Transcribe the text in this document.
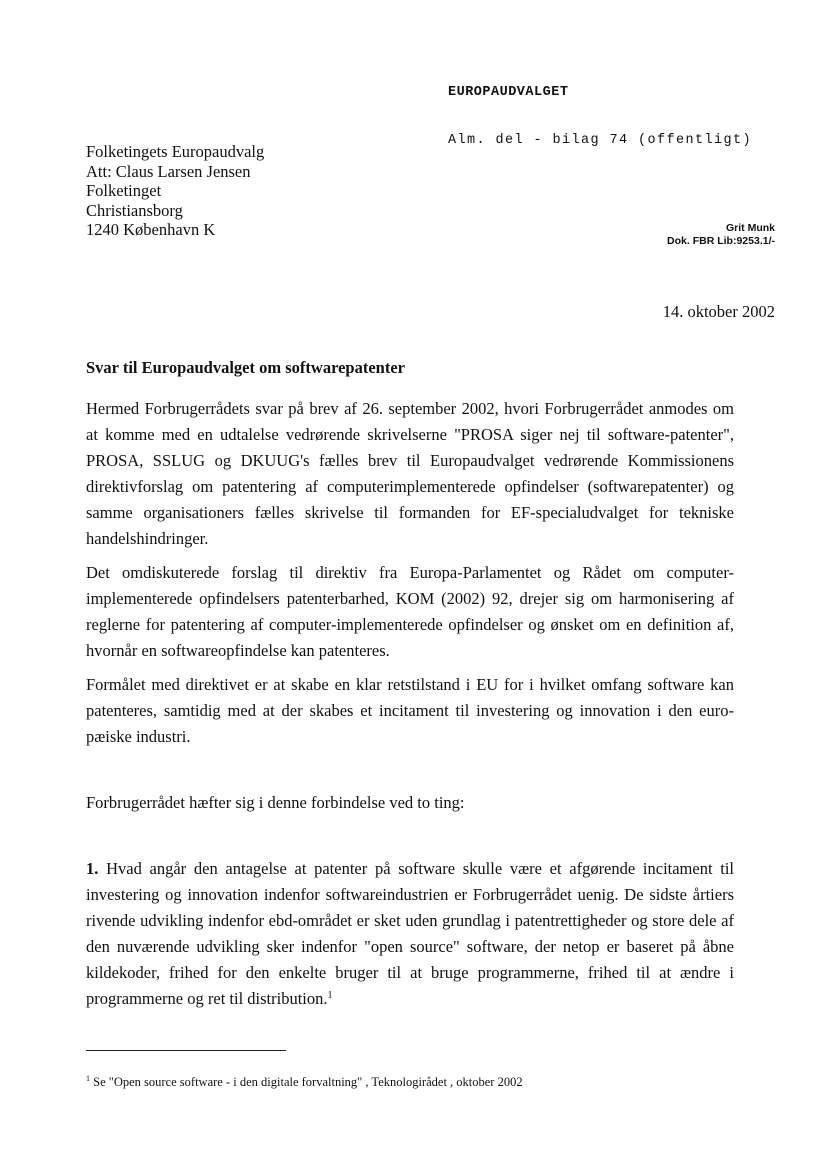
EUROPAUDVALGET

Alm. del - bilag 74 (offentligt)

Folketingets Europaudvalg
Att: Claus Larsen Jensen
Folketinget
Christiansborg
1240 København K	Grit Munk
Dok. FBR Lib:9253.1/-
14. oktober 2002
Svar til Europaudvalget om softwarepatenter

Hermed Forbrugerrådets svar på brev af 26. september 2002, hvori Forbrugerrådet anmodes om at komme med en udtalelse vedrørende skrivelserne "PROSA siger nej til software-patenter", PROSA, SSLUG og DKUUG's fælles brev til Europaudvalget vedrørende Kommissionens direktivforslag om patentering af computerimplementerede opfindelser (softwarepatenter) og samme organisationers fælles skrivelse til formanden for EF-specialudvalget for tekniske handelshindringer.

Det omdiskuterede forslag til direktiv fra Europa-Parlamentet og Rådet om computer-implementerede opfindelsers patenterbarhed, KOM (2002) 92, drejer sig om harmonisering af reglerne for patentering af computer-implementerede opfindelser og ønsket om en definition af, hvornår en softwareopfindelse kan patenteres.

Formålet med direktivet er at skabe en klar retstilstand i EU for i hvilket omfang software kan patenteres, samtidig med at der skabes et incitament til investering og innovation i den euro-pæiske industri.

Forbrugerrådet hæfter sig i denne forbindelse ved to ting:

1. Hvad angår den antagelse at patenter på software skulle være et afgørende incitament til investering og innovation indenfor softwareindustrien er Forbrugerrådet uenig. De sidste årtiers rivende udvikling indenfor ebd-området er sket uden grundlag i patentrettigheder og store dele af den nuværende udvikling sker indenfor "open source" software, der netop er baseret på åbne kildekoder, frihed for den enkelte bruger til at bruge programmerne, frihed til at ændre i programmerne og ret til distribution.$^1$

$^1$ Se "Open source software - i den digitale forvaltning" , Teknologirådet , oktober 2002
